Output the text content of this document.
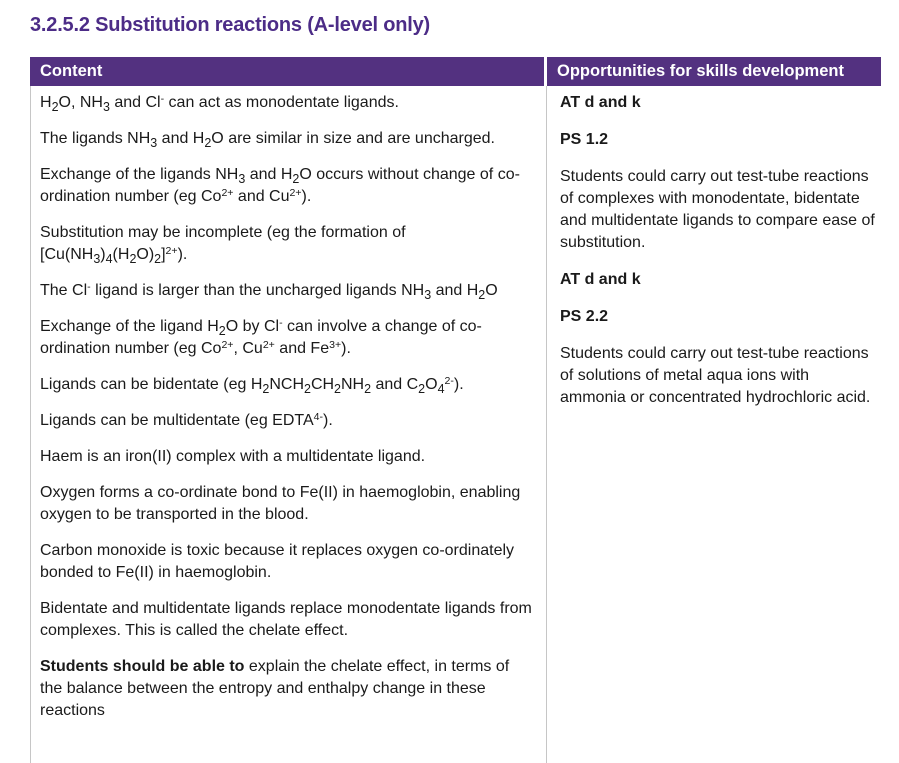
3.2.5.2 Substitution reactions (A-level only)
Content	Opportunities for skills development

$H_2O$, $NH_3$ and Cl- can act as monodentate ligands.

The ligands $NH_3$ and $H_2O$ are similar in size and are uncharged.

Exchange of the ligands $NH_3$ and $H_2O$ occurs without change of co-ordination number (eg $Co^{2+}$ and $Cu^{2+}$).

Substitution may be incomplete (eg the formation of $[Cu(NH_3)_4(H_2O)_2]^{2+}$).

The Cl- ligand is larger than the uncharged ligands $NH_3$ and $H_2O$

Exchange of the ligand $H_2O$ by Cl- can involve a change of co-ordination number (eg $Co^{2+}$, $Cu^{2+}$ and $Fe^{3+}$).

Ligands can be bidentate (eg $H_2NCH_2CH_2NH_2$ and $C_2O_4^{2-}$).

Ligands can be multidentate (eg $EDTA^{4-}$).

Haem is an iron(II) complex with a multidentate ligand.

Oxygen forms a co-ordinate bond to Fe(II) in haemoglobin, enabling oxygen to be transported in the blood.

Carbon monoxide is toxic because it replaces oxygen co-ordinately bonded to Fe(II) in haemoglobin.

Bidentate and multidentate ligands replace monodentate ligands from complexes. This is called the chelate effect.

Students should be able to explain the chelate effect, in terms of the balance between the entropy and enthalpy change in these reactions

AT d and k

PS 1.2

Students could carry out test-tube reactions of complexes with monodentate, bidentate and multidentate ligands to compare ease of substitution.

AT d and k

PS 2.2

Students could carry out test-tube reactions of solutions of metal aqua ions with ammonia or concentrated hydrochloric acid.
